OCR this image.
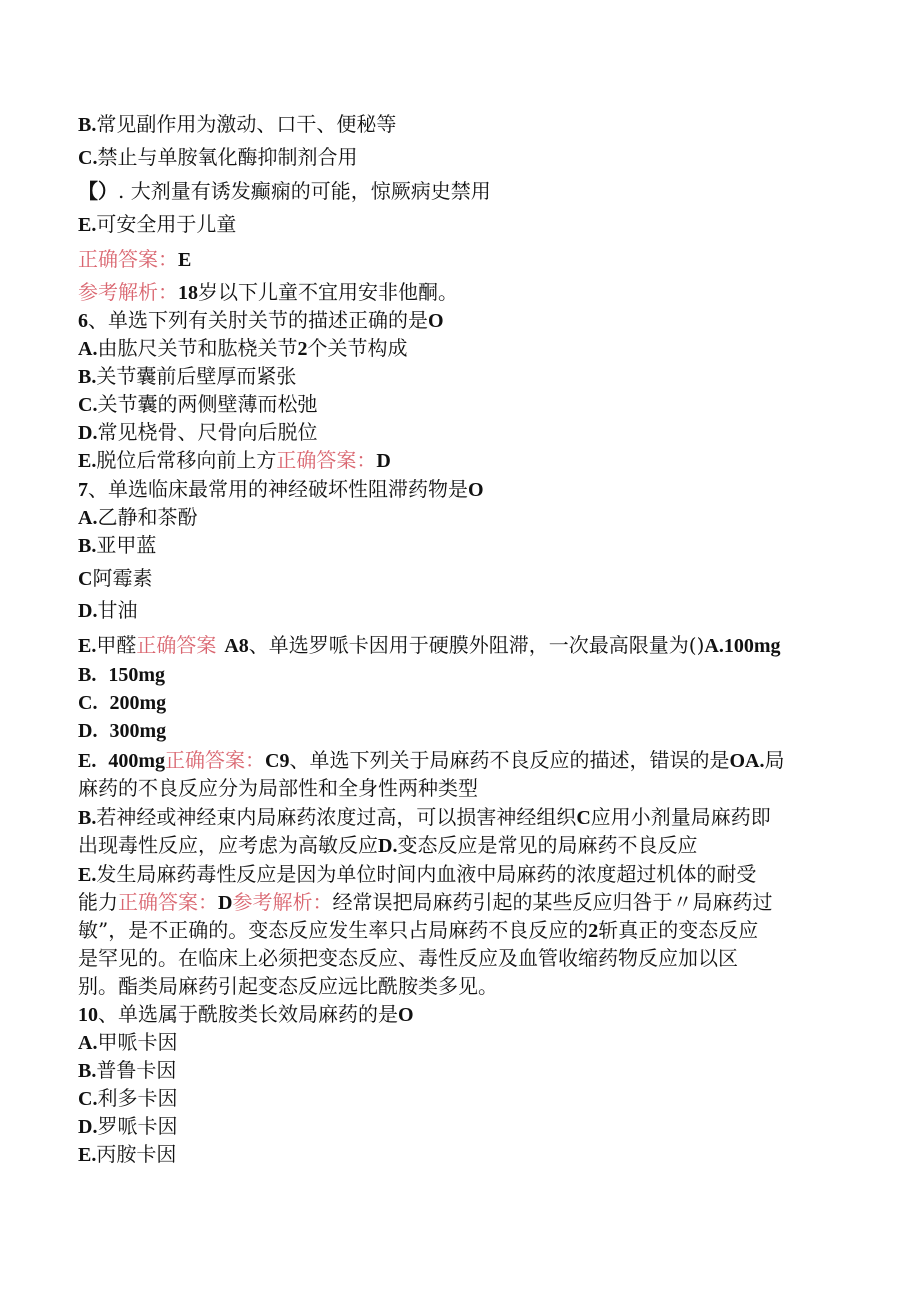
B.常见副作用为激动、口干、便秘等
C.禁止与单胺氧化酶抑制剂合用
【）. 大剂量有诱发癫痫的可能，惊厥病史禁用
E.可安全用于儿童
正确答案：E
参考解析：18岁以下儿童不宜用安非他酮。
6、单选下列有关肘关节的描述正确的是O
A.由肱尺关节和肱桡关节2个关节构成
B.关节囊前后壁厚而紧张
C.关节囊的两侧壁薄而松弛
D.常见桡骨、尺骨向后脱位
E.脱位后常移向前上方正确答案：D
7、单选临床最常用的神经破坏性阻滞药物是O
A.乙静和茶酚
B.亚甲蓝
C阿霉素
D.甘油
E.甲醛正确答案 A8、单选罗哌卡因用于硬膜外阻滞，一次最高限量为()A.100mg
B. 150mg
C. 200mg
D. 300mg
E. 400mg正确答案：C9、单选下列关于局麻药不良反应的描述，错误的是OA.局
麻药的不良反应分为局部性和全身性两种类型
B.若神经或神经束内局麻药浓度过高，可以损害神经组织C应用小剂量局麻药即
出现毒性反应，应考虑为高敏反应D.变态反应是常见的局麻药不良反应
E.发生局麻药毒性反应是因为单位时间内血液中局麻药的浓度超过机体的耐受
能力正确答案：D参考解析：经常误把局麻药引起的某些反应归咎于〃局麻药过
敏”，是不正确的。变态反应发生率只占局麻药不良反应的2斩真正的变态反应
是罕见的。在临床上必须把变态反应、毒性反应及血管收缩药物反应加以区
别。酯类局麻药引起变态反应远比酰胺类多见。
10、单选属于酰胺类长效局麻药的是O
A.甲哌卡因
B.普鲁卡因
C.利多卡因
D.罗哌卡因
E.丙胺卡因
